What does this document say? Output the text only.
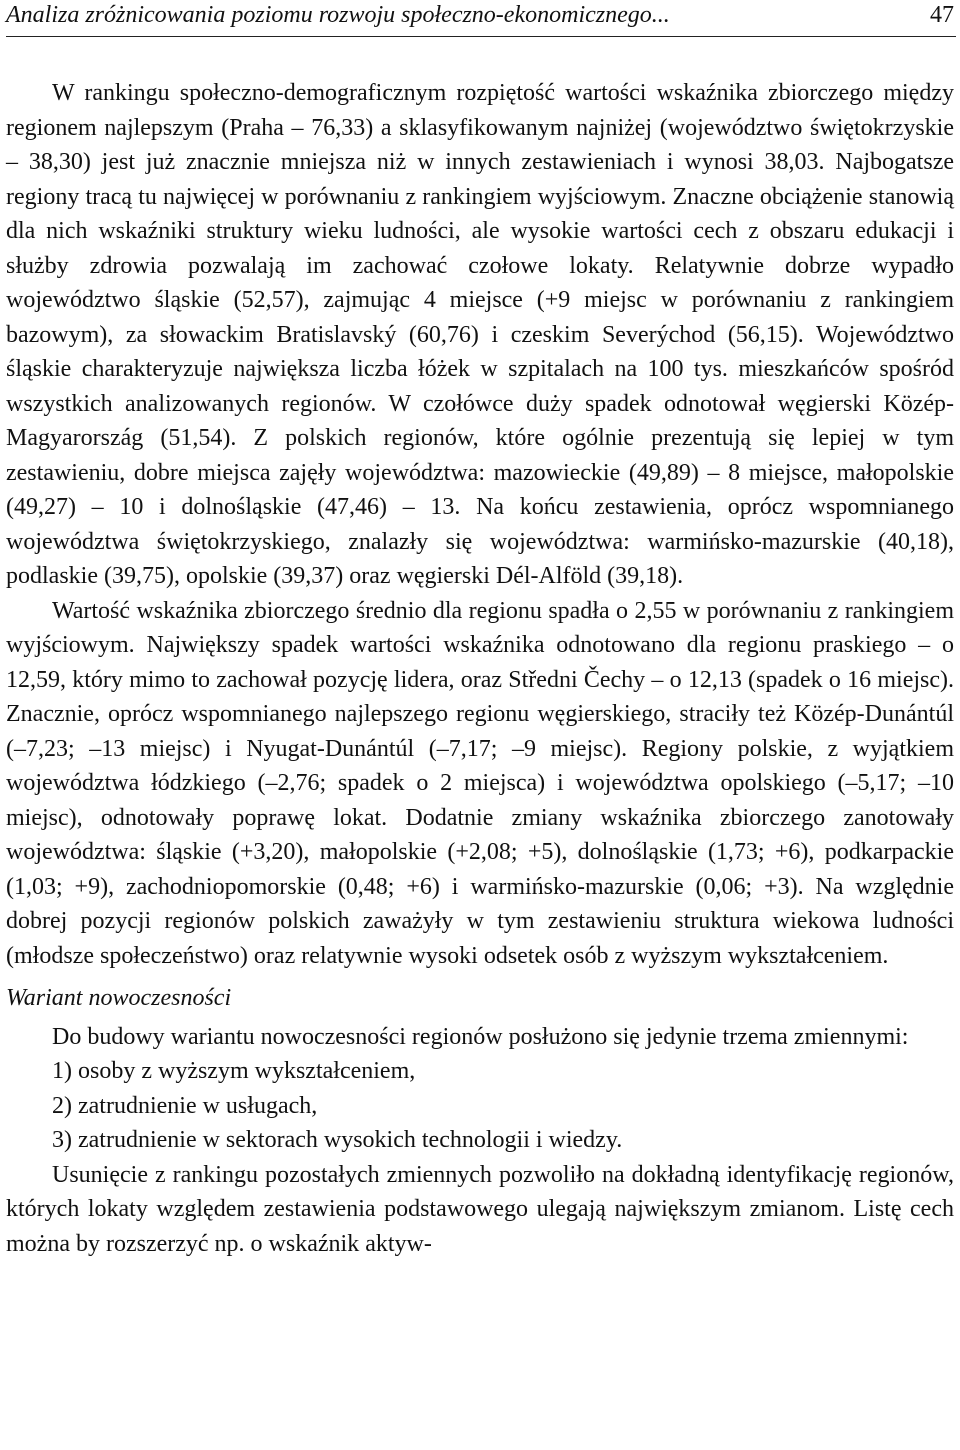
Analiza zróżnicowania poziomu rozwoju społeczno-ekonomicznego...	47

W rankingu społeczno-demograficznym rozpiętość wartości wskaźnika zbiorczego między regionem najlepszym (Praha – 76,33) a sklasyfikowanym najniżej (województwo świętokrzyskie – 38,30) jest już znacznie mniejsza niż w innych zestawieniach i wynosi 38,03. Najbogatsze regiony tracą tu najwięcej w porównaniu z rankingiem wyjściowym. Znaczne obciążenie stanowią dla nich wskaźniki struktury wieku ludności, ale wysokie wartości cech z obszaru edukacji i służby zdrowia pozwalają im zachować czołowe lokaty. Relatywnie dobrze wypadło województwo śląskie (52,57), zajmując 4 miejsce (+9 miejsc w porównaniu z rankingiem bazowym), za słowackim Bratislavský (60,76) i czeskim Severýchod (56,15). Województwo śląskie charakteryzuje największa liczba łóżek w szpitalach na 100 tys. mieszkańców spośród wszystkich analizowanych regionów. W czołówce duży spadek odnotował węgierski Közép-Magyarország (51,54). Z polskich regionów, które ogólnie prezentują się lepiej w tym zestawieniu, dobre miejsca zajęły województwa: mazowieckie (49,89) – 8 miejsce, małopolskie (49,27) – 10 i dolnośląskie (47,46) – 13. Na końcu zestawienia, oprócz wspomnianego województwa świętokrzyskiego, znalazły się województwa: warmińsko-mazurskie (40,18), podlaskie (39,75), opolskie (39,37) oraz węgierski Dél-Alföld (39,18).

Wartość wskaźnika zbiorczego średnio dla regionu spadła o 2,55 w porównaniu z rankingiem wyjściowym. Największy spadek wartości wskaźnika odnotowano dla regionu praskiego – o 12,59, który mimo to zachował pozycję lidera, oraz Středni Čechy – o 12,13 (spadek o 16 miejsc). Znacznie, oprócz wspomnianego najlepszego regionu węgierskiego, straciły też Közép-Dunántúl (–7,23; –13 miejsc) i Nyugat-Dunántúl (–7,17; –9 miejsc). Regiony polskie, z wyjątkiem województwa łódzkiego (–2,76; spadek o 2 miejsca) i województwa opolskiego (–5,17; –10 miejsc), odnotowały poprawę lokat. Dodatnie zmiany wskaźnika zbiorczego zanotowały województwa: śląskie (+3,20), małopolskie (+2,08; +5), dolnośląskie (1,73; +6), podkarpackie (1,03; +9), zachodniopomorskie (0,48; +6) i warmińsko-mazurskie (0,06; +3). Na względnie dobrej pozycji regionów polskich zaważyły w tym zestawieniu struktura wiekowa ludności (młodsze społeczeństwo) oraz relatywnie wysoki odsetek osób z wyższym wykształceniem.

Wariant nowoczesności

Do budowy wariantu nowoczesności regionów posłużono się jedynie trzema zmiennymi:

1) osoby z wyższym wykształceniem,
2) zatrudnienie w usługach,
3) zatrudnienie w sektorach wysokich technologii i wiedzy.

Usunięcie z rankingu pozostałych zmiennych pozwoliło na dokładną identyfikację regionów, których lokaty względem zestawienia podstawowego ulegają największym zmianom. Listę cech można by rozszerzyć np. o wskaźnik aktyw-
